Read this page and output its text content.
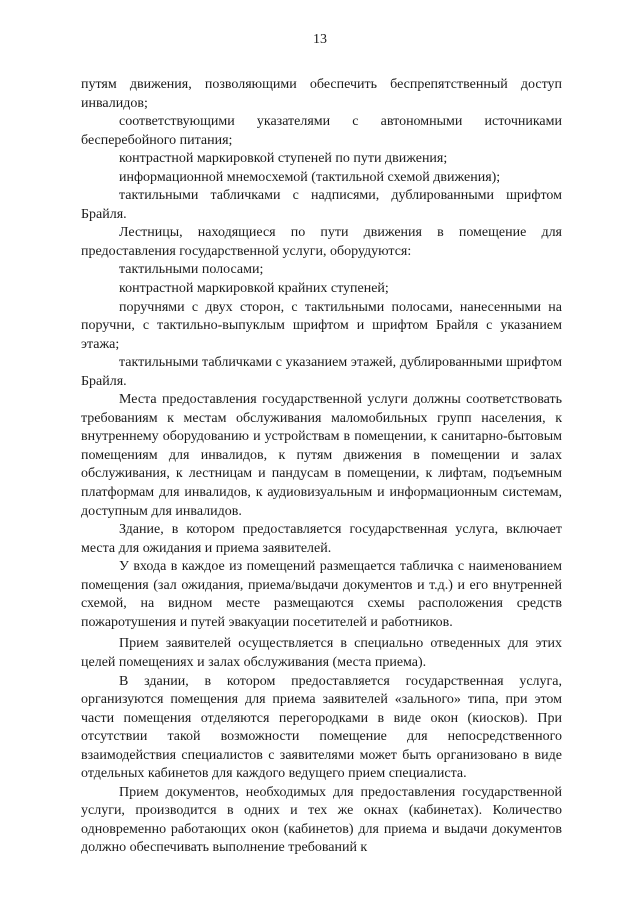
13

путям движения, позволяющими обеспечить беспрепятственный доступ инвалидов;

соответствующими указателями с автономными источниками бесперебойного питания;

контрастной маркировкой ступеней по пути движения;

информационной мнемосхемой (тактильной схемой движения);

тактильными табличками с надписями, дублированными шрифтом Брайля.

Лестницы, находящиеся по пути движения в помещение для предоставления государственной услуги, оборудуются:

тактильными полосами;

контрастной маркировкой крайних ступеней;

поручнями с двух сторон, с тактильными полосами, нанесенными на поручни, с тактильно-выпуклым шрифтом и шрифтом Брайля с указанием этажа;

тактильными табличками с указанием этажей, дублированными шрифтом Брайля.

Места предоставления государственной услуги должны соответствовать требованиям к местам обслуживания маломобильных групп населения, к внутреннему оборудованию и устройствам в помещении, к санитарно-бытовым помещениям для инвалидов, к путям движения в помещении и залах обслуживания, к лестницам и пандусам в помещении, к лифтам, подъемным платформам для инвалидов, к аудиовизуальным и информационным системам, доступным для инвалидов.

Здание, в котором предоставляется государственная услуга, включает места для ожидания и приема заявителей.

У входа в каждое из помещений размещается табличка с наименованием помещения (зал ожидания, приема/выдачи документов и т.д.) и его внутренней схемой, на видном месте размещаются схемы расположения средств пожаротушения и путей эвакуации посетителей и работников.

Прием заявителей осуществляется в специально отведенных для этих целей помещениях и залах обслуживания (места приема).

В здании, в котором предоставляется государственная услуга, организуются помещения для приема заявителей «зального» типа, при этом части помещения отделяются перегородками в виде окон (киосков). При отсутствии такой возможности помещение для непосредственного взаимодействия специалистов с заявителями может быть организовано в виде отдельных кабинетов для каждого ведущего прием специалиста.

Прием документов, необходимых для предоставления государственной услуги, производится в одних и тех же окнах (кабинетах). Количество одновременно работающих окон (кабинетов) для приема и выдачи документов должно обеспечивать выполнение требований к
